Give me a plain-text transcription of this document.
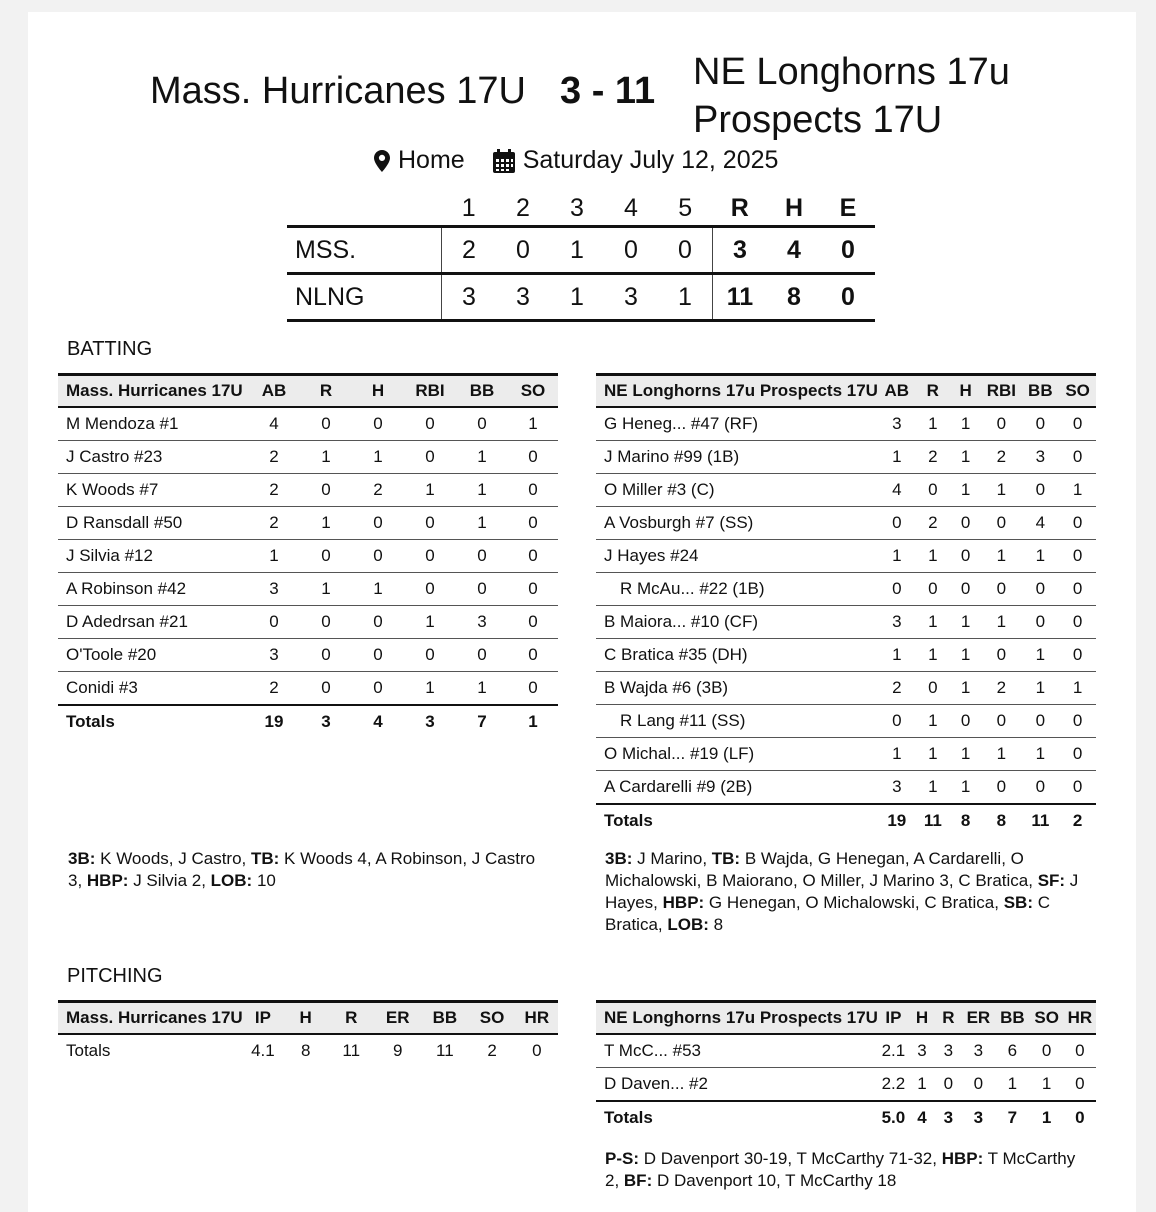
Mass. Hurricanes 17U 3 - 11 NE Longhorns 17u
Prospects 17U
Home Saturday July 12, 2025
	1	2	3	4	5	R	H	E
MSS.	2	0	1	0	0	3	4	0
NLNG	3	3	1	3	1	11	8	0
BATTING
Mass. Hurricanes 17U	AB	R	H	RBI	BB	SO
M Mendoza #1	4	0	0	0	0	1
J Castro #23	2	1	1	0	1	0
K Woods #7	2	0	2	1	1	0
D Ransdall #50	2	1	0	0	1	0
J Silvia #12	1	0	0	0	0	0
A Robinson #42	3	1	1	0	0	0
D Adedrsan #21	0	0	0	1	3	0
O'Toole #20	3	0	0	0	0	0
Conidi #3	2	0	0	1	1	0
Totals	19	3	4	3	7	1
NE Longhorns 17u Prospects 17U	AB	R	H	RBI	BB	SO
G Heneg... #47 (RF)	3	1	1	0	0	0
J Marino #99 (1B)	1	2	1	2	3	0
O Miller #3 (C)	4	0	1	1	0	1
A Vosburgh #7 (SS)	0	2	0	0	4	0
J Hayes #24	1	1	0	1	1	0
R McAu... #22 (1B)	0	0	0	0	0	0
B Maiora... #10 (CF)	3	1	1	1	0	0
C Bratica #35 (DH)	1	1	1	0	1	0
B Wajda #6 (3B)	2	0	1	2	1	1
R Lang #11 (SS)	0	1	0	0	0	0
O Michal... #19 (LF)	1	1	1	1	1	0
A Cardarelli #9 (2B)	3	1	1	0	0	0
Totals	19	11	8	8	11	2
3B: K Woods, J Castro, TB: K Woods 4, A Robinson, J Castro 3, HBP: J Silvia 2, LOB: 10
3B: J Marino, TB: B Wajda, G Henegan, A Cardarelli, O Michalowski, B Maiorano, O Miller, J Marino 3, C Bratica, SF: J Hayes, HBP: G Henegan, O Michalowski, C Bratica, SB: C Bratica, LOB: 8
PITCHING
Mass. Hurricanes 17U	IP	H	R	ER	BB	SO	HR
Totals	4.1	8	11	9	11	2	0
NE Longhorns 17u Prospects 17U	IP	H	R	ER	BB	SO	HR
T McC... #53	2.1	3	3	3	6	0	0
D Daven... #2	2.2	1	0	0	1	1	0
Totals	5.0	4	3	3	7	1	0
P-S: D Davenport 30-19, T McCarthy 71-32, HBP: T McCarthy 2, BF: D Davenport 10, T McCarthy 18
